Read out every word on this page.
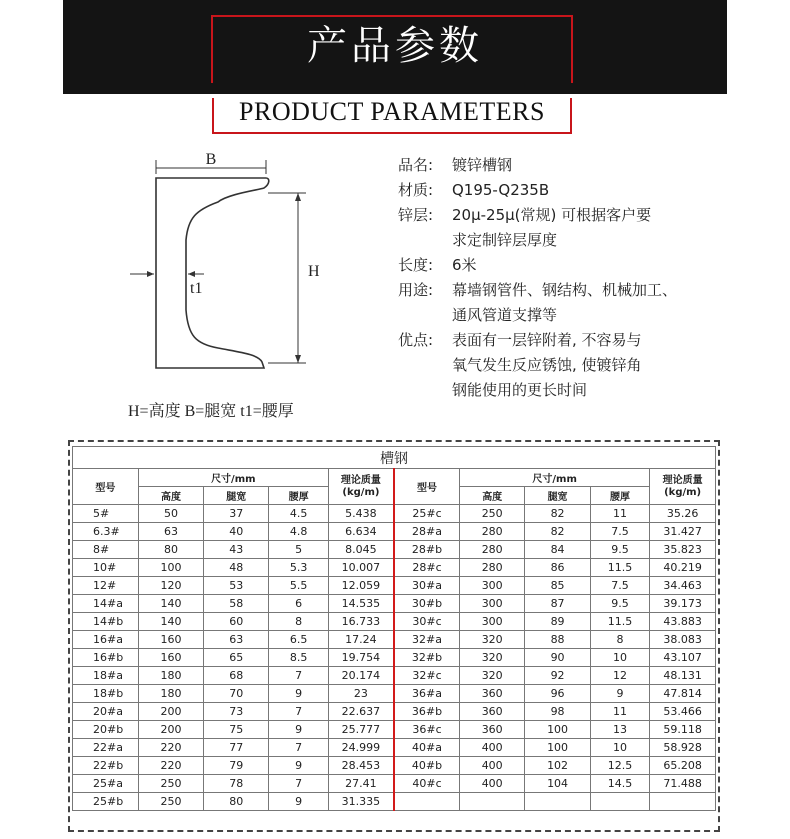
产品参数
PRODUCT PARAMETERS
B
H
t1
H=高度 B=腿宽 t1=腰厚
品名:	镀锌槽钢
材质:	Q195-Q235B
锌层:	20μ-25μ(常规) 可根据客户要
求定制锌层厚度
长度:	6米
用途:	幕墙钢管件、钢结构、机械加工、
通风管道支撑等
优点:	表面有一层锌附着, 不容易与
氧气发生反应锈蚀, 使镀锌角
钢能使用的更长时间
槽钢									
型号	尺寸/mm			理论质量
(kg/m)	型号	尺寸/mm			理论质量
(kg/m)
	高度	腿宽	腰厚			高度	腿宽	腰厚	
5#	50	37	4.5	5.438	25#c	250	82	11	35.26
6.3#	63	40	4.8	6.634	28#a	280	82	7.5	31.427
8#	80	43	5	8.045	28#b	280	84	9.5	35.823
10#	100	48	5.3	10.007	28#c	280	86	11.5	40.219
12#	120	53	5.5	12.059	30#a	300	85	7.5	34.463
14#a	140	58	6	14.535	30#b	300	87	9.5	39.173
14#b	140	60	8	16.733	30#c	300	89	11.5	43.883
16#a	160	63	6.5	17.24	32#a	320	88	8	38.083
16#b	160	65	8.5	19.754	32#b	320	90	10	43.107
18#a	180	68	7	20.174	32#c	320	92	12	48.131
18#b	180	70	9	23	36#a	360	96	9	47.814
20#a	200	73	7	22.637	36#b	360	98	11	53.466
20#b	200	75	9	25.777	36#c	360	100	13	59.118
22#a	220	77	7	24.999	40#a	400	100	10	58.928
22#b	220	79	9	28.453	40#b	400	102	12.5	65.208
25#a	250	78	7	27.41	40#c	400	104	14.5	71.488
25#b	250	80	9	31.335					
